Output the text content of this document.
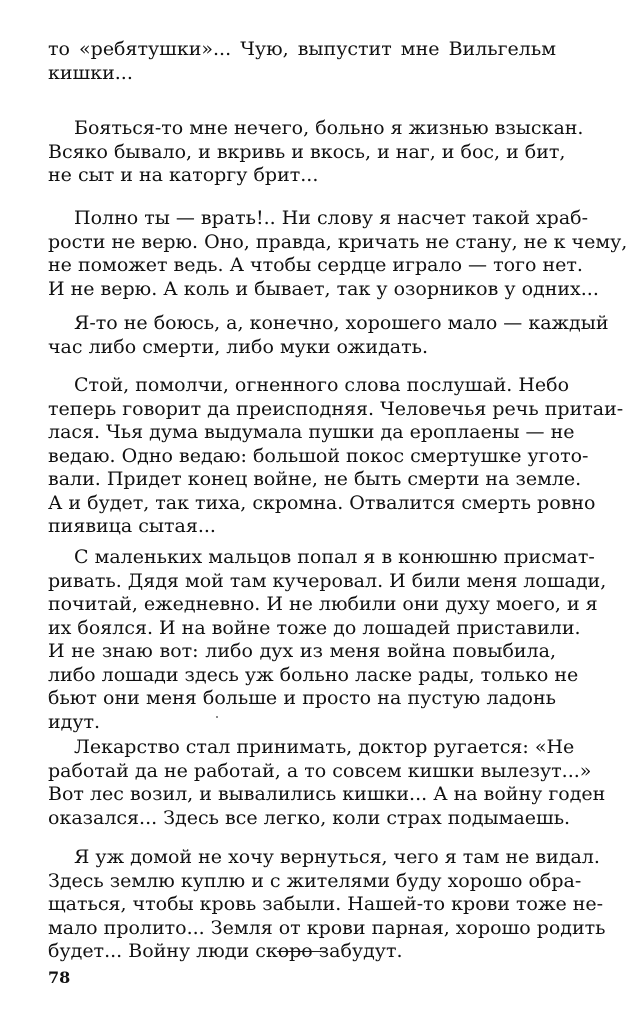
то «ребятушки»... Чую, выпустит мне Вильгельм
кишки...

Бояться-то мне нечего, больно я жизнью взыскан.
Всяко бывало, и вкривь и вкось, и наг, и бос, и бит,
не сыт и на каторгу брит...

Полно ты — врать!.. Ни слову я насчет такой храб-
рости не верю. Оно, правда, кричать не стану, не к чему,
не поможет ведь. А чтобы сердце играло — того нет.
И не верю. А коль и бывает, так у озорников у одних...

Я-то не боюсь, а, конечно, хорошего мало — каждый
час либо смерти, либо муки ожидать.

Стой, помолчи, огненного слова послушай. Небо
теперь говорит да преисподняя. Человечья речь притаи-
лася. Чья дума выдумала пушки да ероплаены — не
ведаю. Одно ведаю: большой покос смертушке угото-
вали. Придет конец войне, не быть смерти на земле.
А и будет, так тиха, скромна. Отвалится смерть ровно
пиявица сытая...

С маленьких мальцов попал я в конюшню присмат-
ривать. Дядя мой там кучеровал. И били меня лошади,
почитай, ежедневно. И не любили они духу моего, и я
их боялся. И на войне тоже до лошадей приставили.
И не знаю вот: либо дух из меня война повыбила,
либо лошади здесь уж больно ласке рады, только не
бьют они меня больше и просто на пустую ладонь
идут.

Лекарство стал принимать, доктор ругается: «Не
работай да не работай, а то совсем кишки вылезут...»
Вот лес возил, и вывалились кишки... А на войну годен
оказался... Здесь все легко, коли страх подымаешь.

Я уж домой не хочу вернуться, чего я там не видал.
Здесь землю куплю и с жителями буду хорошо обра-
щаться, чтобы кровь забыли. Нашей-то крови тоже не-
мало пролито... Земля от крови парная, хорошо родить
будет... Войну люди скоро забудут.

78
